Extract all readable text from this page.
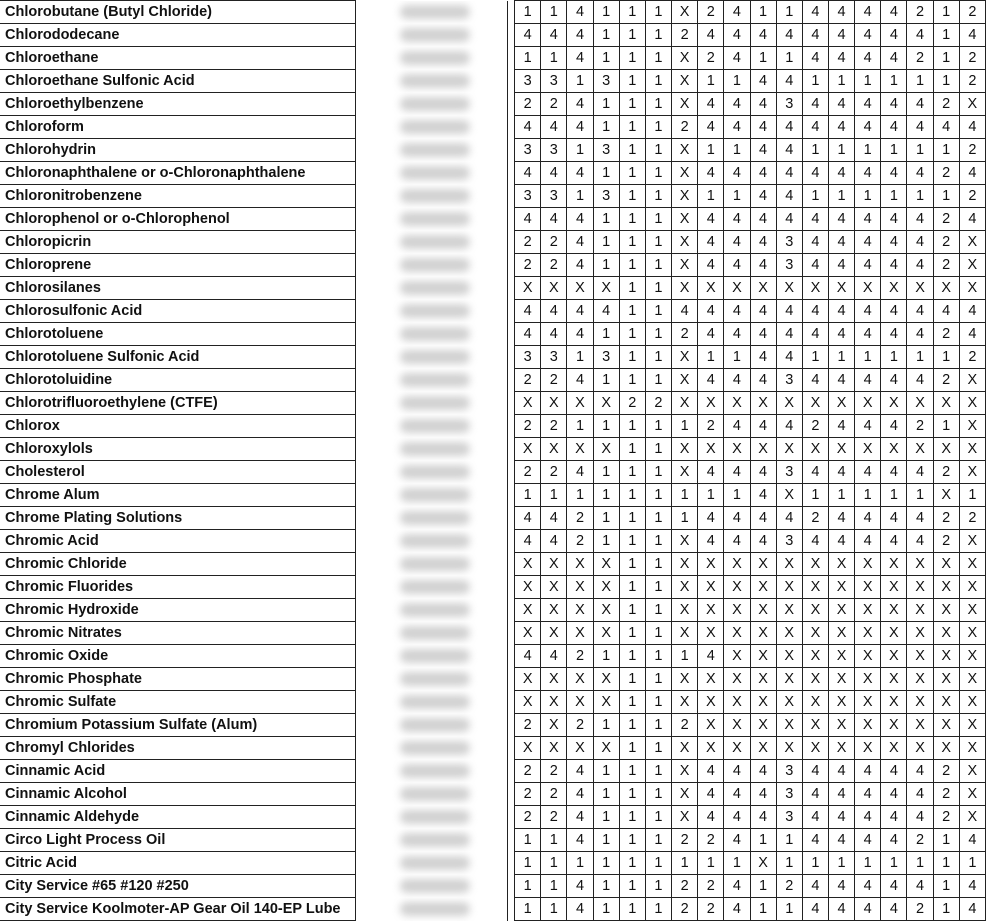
Chlorobutane (Butyl Chloride)			1	1	4	1	1	1	X	2	4	1	1	4	4	4	4	2	1	2
Chlorododecane			4	4	4	1	1	1	2	4	4	4	4	4	4	4	4	4	1	4
Chloroethane			1	1	4	1	1	1	X	2	4	1	1	4	4	4	4	2	1	2
Chloroethane Sulfonic Acid			3	3	1	3	1	1	X	1	1	4	4	1	1	1	1	1	1	2
Chloroethylbenzene			2	2	4	1	1	1	X	4	4	4	3	4	4	4	4	4	2	X
Chloroform			4	4	4	1	1	1	2	4	4	4	4	4	4	4	4	4	4	4
Chlorohydrin			3	3	1	3	1	1	X	1	1	4	4	1	1	1	1	1	1	2
Chloronaphthalene or o-Chloronaphthalene			4	4	4	1	1	1	X	4	4	4	4	4	4	4	4	4	2	4
Chloronitrobenzene			3	3	1	3	1	1	X	1	1	4	4	1	1	1	1	1	1	2
Chlorophenol or o-Chlorophenol			4	4	4	1	1	1	X	4	4	4	4	4	4	4	4	4	2	4
Chloropicrin			2	2	4	1	1	1	X	4	4	4	3	4	4	4	4	4	2	X
Chloroprene			2	2	4	1	1	1	X	4	4	4	3	4	4	4	4	4	2	X
Chlorosilanes			X	X	X	X	1	1	X	X	X	X	X	X	X	X	X	X	X	X
Chlorosulfonic Acid			4	4	4	4	1	1	4	4	4	4	4	4	4	4	4	4	4	4
Chlorotoluene			4	4	4	1	1	1	2	4	4	4	4	4	4	4	4	4	2	4
Chlorotoluene Sulfonic Acid			3	3	1	3	1	1	X	1	1	4	4	1	1	1	1	1	1	2
Chlorotoluidine			2	2	4	1	1	1	X	4	4	4	3	4	4	4	4	4	2	X
Chlorotrifluoroethylene (CTFE)			X	X	X	X	2	2	X	X	X	X	X	X	X	X	X	X	X	X
Chlorox			2	2	1	1	1	1	1	2	4	4	4	2	4	4	4	2	1	X
Chloroxylols			X	X	X	X	1	1	X	X	X	X	X	X	X	X	X	X	X	X
Cholesterol			2	2	4	1	1	1	X	4	4	4	3	4	4	4	4	4	2	X
Chrome Alum			1	1	1	1	1	1	1	1	1	4	X	1	1	1	1	1	X	1
Chrome Plating Solutions			4	4	2	1	1	1	1	4	4	4	4	2	4	4	4	4	2	2
Chromic Acid			4	4	2	1	1	1	X	4	4	4	3	4	4	4	4	4	2	X
Chromic Chloride			X	X	X	X	1	1	X	X	X	X	X	X	X	X	X	X	X	X
Chromic Fluorides			X	X	X	X	1	1	X	X	X	X	X	X	X	X	X	X	X	X
Chromic Hydroxide			X	X	X	X	1	1	X	X	X	X	X	X	X	X	X	X	X	X
Chromic Nitrates			X	X	X	X	1	1	X	X	X	X	X	X	X	X	X	X	X	X
Chromic Oxide			4	4	2	1	1	1	1	4	X	X	X	X	X	X	X	X	X	X
Chromic Phosphate			X	X	X	X	1	1	X	X	X	X	X	X	X	X	X	X	X	X
Chromic Sulfate			X	X	X	X	1	1	X	X	X	X	X	X	X	X	X	X	X	X
Chromium Potassium Sulfate (Alum)			2	X	2	1	1	1	2	X	X	X	X	X	X	X	X	X	X	X
Chromyl Chlorides			X	X	X	X	1	1	X	X	X	X	X	X	X	X	X	X	X	X
Cinnamic Acid			2	2	4	1	1	1	X	4	4	4	3	4	4	4	4	4	2	X
Cinnamic Alcohol			2	2	4	1	1	1	X	4	4	4	3	4	4	4	4	4	2	X
Cinnamic Aldehyde			2	2	4	1	1	1	X	4	4	4	3	4	4	4	4	4	2	X
Circo Light Process Oil			1	1	4	1	1	1	2	2	4	1	1	4	4	4	4	2	1	4
Citric Acid			1	1	1	1	1	1	1	1	1	X	1	1	1	1	1	1	1	1
City Service #65 #120 #250			1	1	4	1	1	1	2	2	4	1	2	4	4	4	4	4	1	4
City Service Koolmoter-AP Gear Oil 140-EP Lube			1	1	4	1	1	1	2	2	4	1	1	4	4	4	4	2	1	4
